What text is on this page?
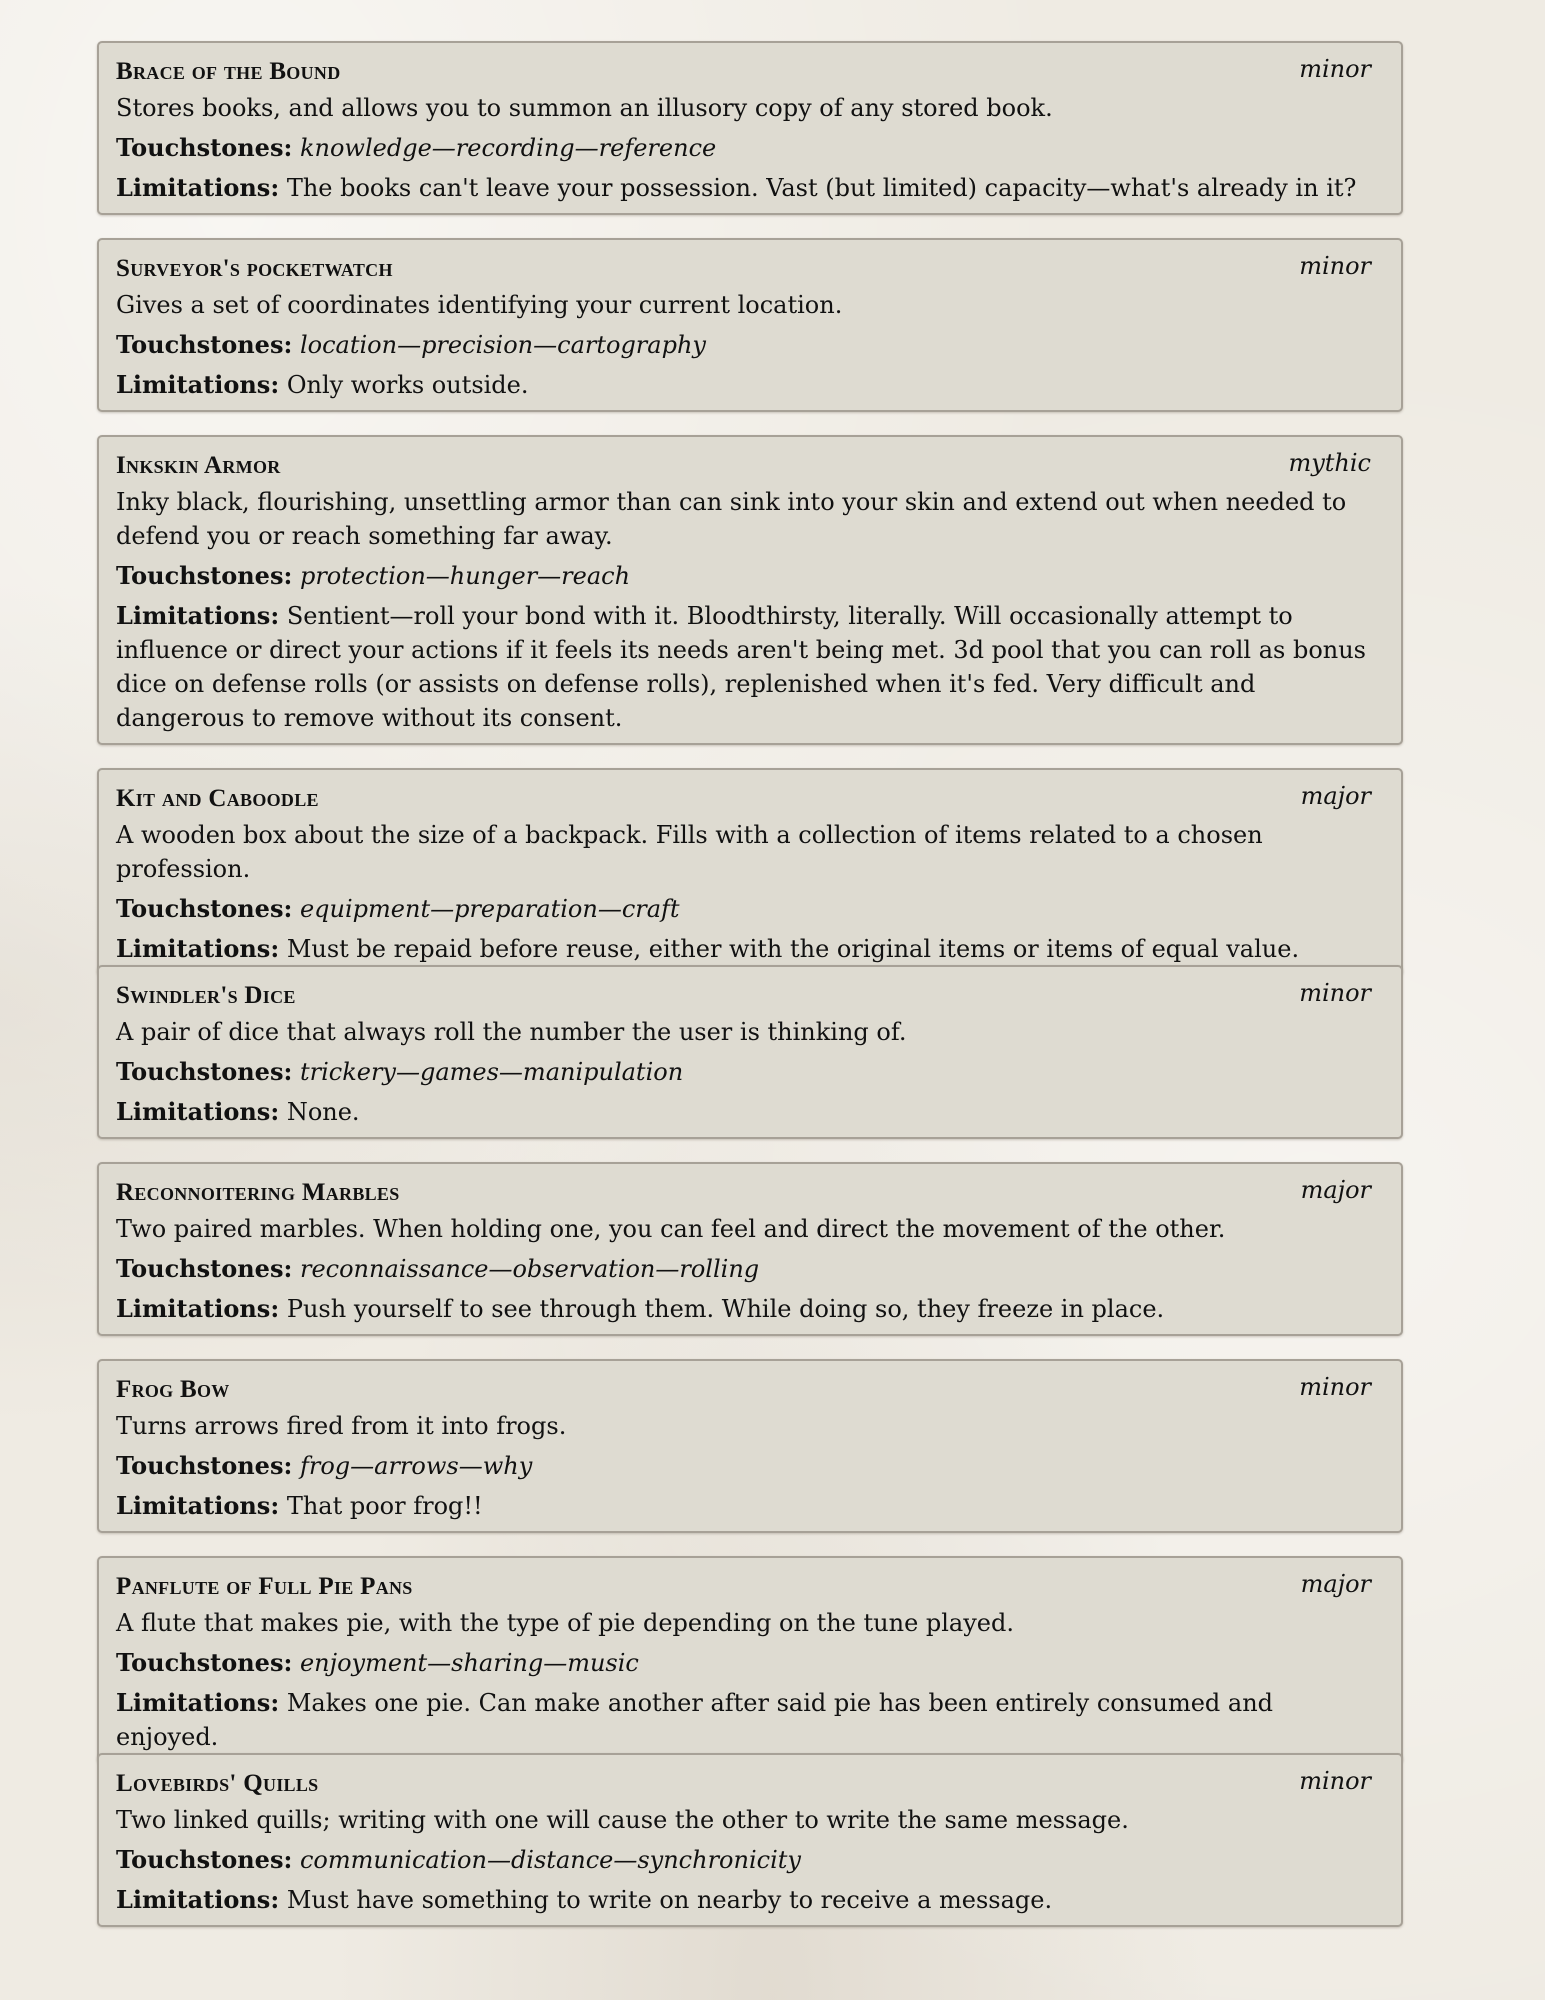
Brace of the Bound	minor

Stores books, and allows you to summon an illusory copy of any stored book.

Touchstones: knowledge—recording—reference

Limitations: The books can't leave your possession. Vast (but limited) capacity—what's already in it?

Surveyor's pocketwatch	minor

Gives a set of coordinates identifying your current location.

Touchstones: location—precision—cartography

Limitations: Only works outside.

Inkskin Armor	mythic

Inky black, flourishing, unsettling armor than can sink into your skin and extend out when needed to defend you or reach something far away.

Touchstones: protection—hunger—reach

Limitations: Sentient—roll your bond with it. Bloodthirsty, literally. Will occasionally attempt to influence or direct your actions if it feels its needs aren't being met. 3d pool that you can roll as bonus dice on defense rolls (or assists on defense rolls), replenished when it's fed. Very difficult and dangerous to remove without its consent.

Kit and Caboodle	major

A wooden box about the size of a backpack. Fills with a collection of items related to a chosen profession.

Touchstones: equipment—preparation—craft

Limitations: Must be repaid before reuse, either with the original items or items of equal value.

Swindler's Dice	minor

A pair of dice that always roll the number the user is thinking of.

Touchstones: trickery—games—manipulation

Limitations: None.

Reconnoitering Marbles	major

Two paired marbles. When holding one, you can feel and direct the movement of the other.

Touchstones: reconnaissance—observation—rolling

Limitations: Push yourself to see through them. While doing so, they freeze in place.

Frog Bow	minor

Turns arrows fired from it into frogs.

Touchstones: frog—arrows—why

Limitations: That poor frog!!

Panflute of Full Pie Pans	major

A flute that makes pie, with the type of pie depending on the tune played.

Touchstones: enjoyment—sharing—music

Limitations: Makes one pie. Can make another after said pie has been entirely consumed and enjoyed.

Lovebirds' Quills	minor

Two linked quills; writing with one will cause the other to write the same message.

Touchstones: communication—distance—synchronicity

Limitations: Must have something to write on nearby to receive a message.
